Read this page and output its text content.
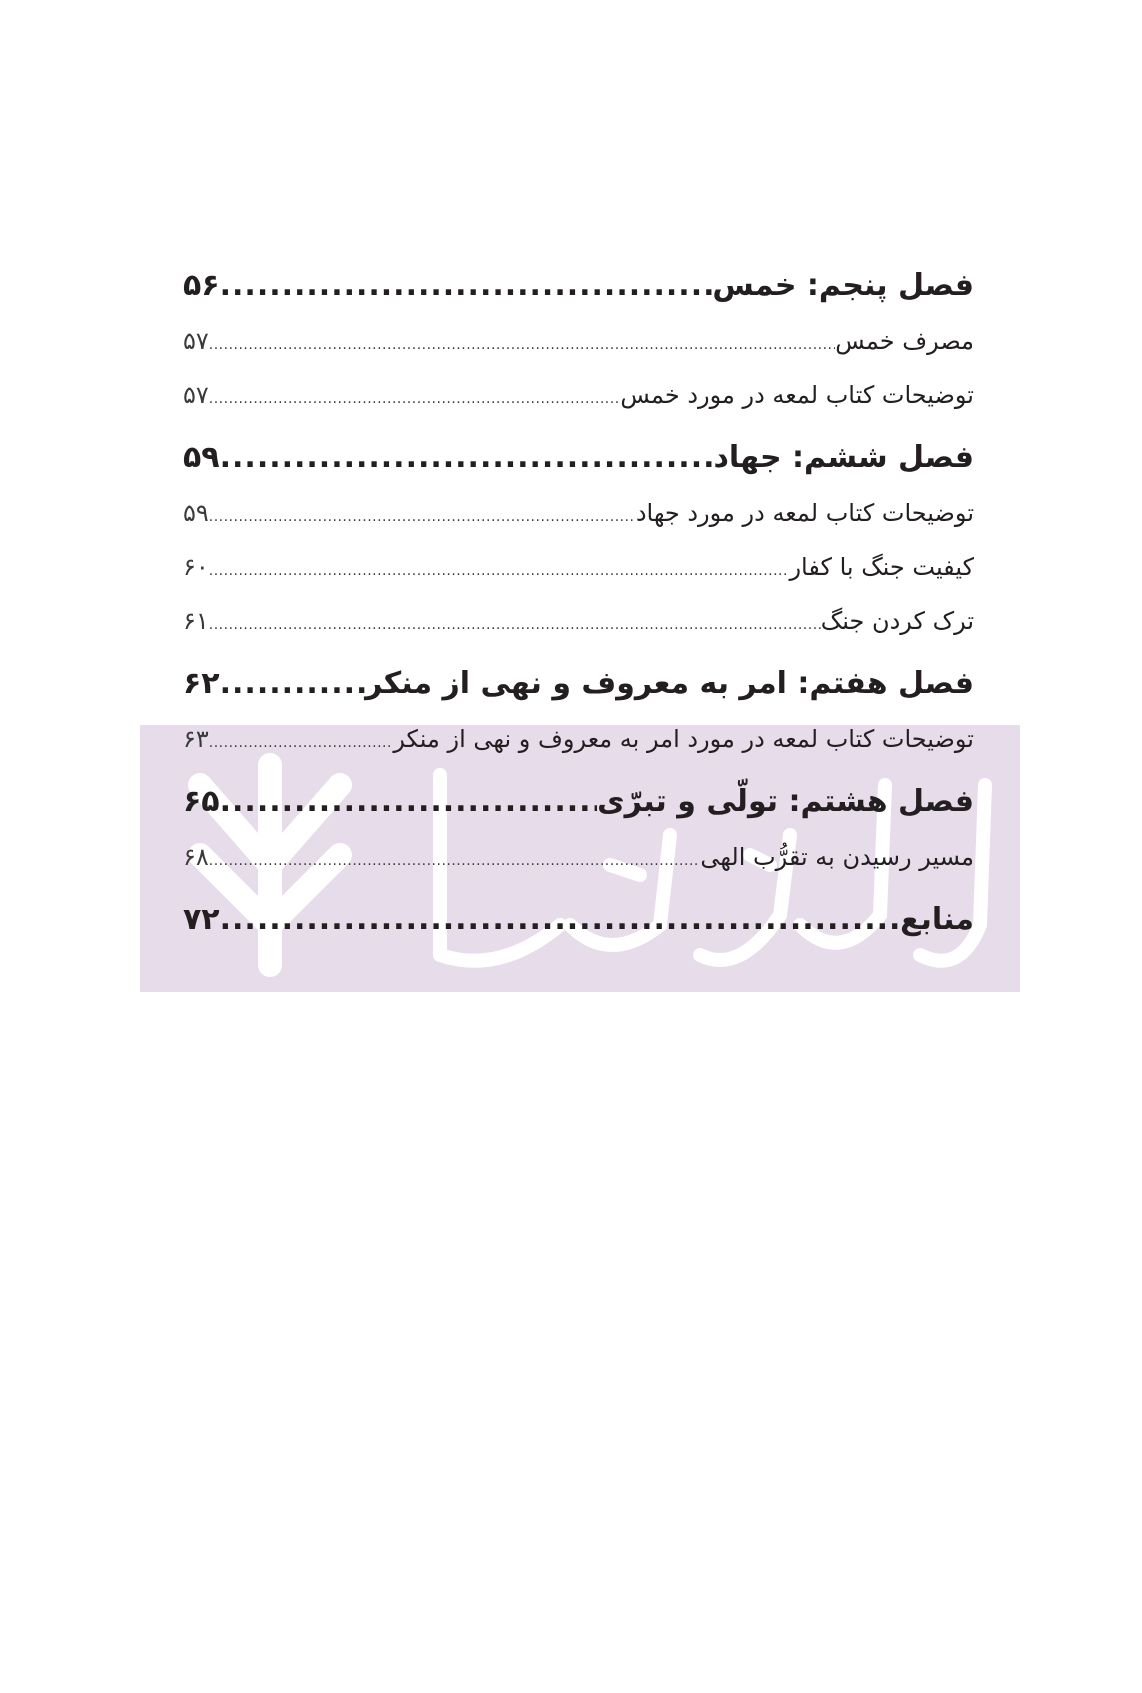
فصل پنجم: خمس
.....
۵۶
مصرف خمس
.....
۵۷
توضیحات کتاب لمعه در مورد خمس
.....
۵۷
فصل ششم: جهاد
.....
۵۹
توضیحات کتاب لمعه در مورد جهاد
.....
۵۹
کیفیت جنگ با کفار
.....
۶۰
ترک کردن جنگ
.....
۶۱
فصل هفتم: امر به معروف و نهی از منکر
.....
۶۲
توضیحات کتاب لمعه در مورد امر به معروف و نهی از منکر
.....
۶۳
فصل هشتم: تولّی و تبرّی
.....
۶۵
مسیر رسیدن به تقرُّب الهی
.....
۶۸
منابع
.....
۷۲
